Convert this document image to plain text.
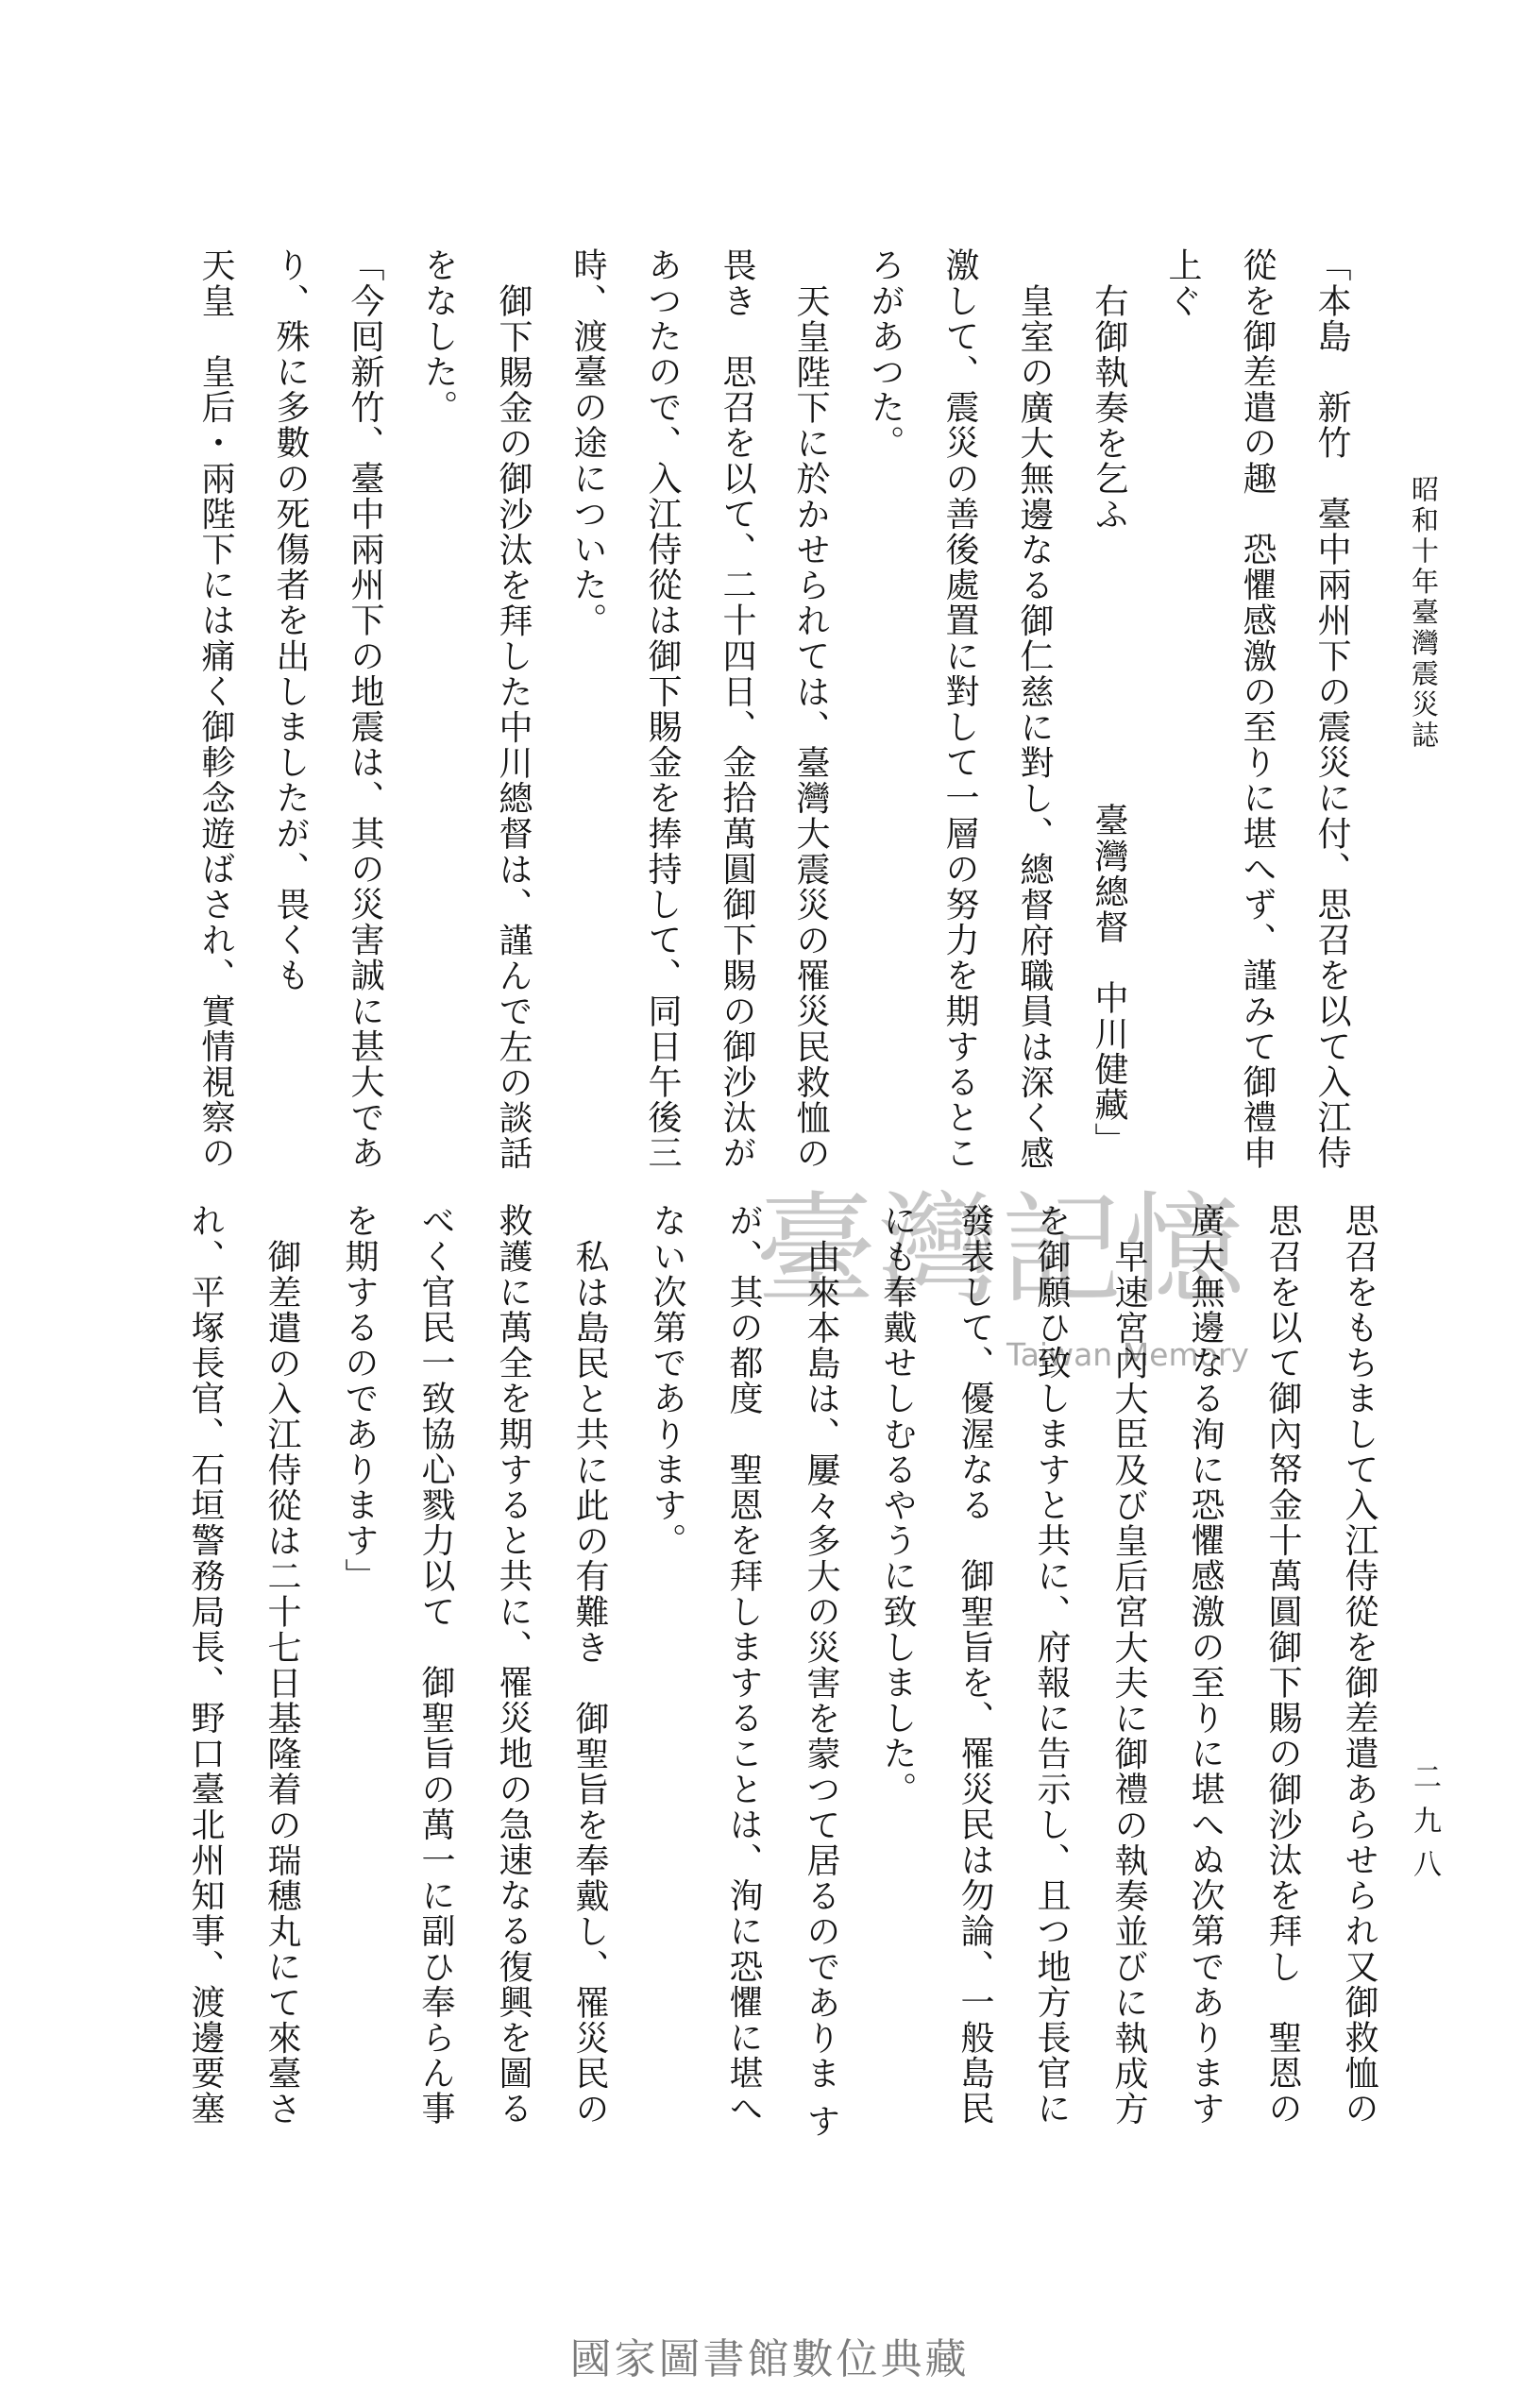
昭和十年臺灣震災誌
二九八
「本島　新竹　臺中兩州下の震災に付、思召を以て入江侍
從を御差遣の趣　恐懼感激の至りに堪へず、謹みて御禮申
上ぐ
右御執奏を乞ふ
臺灣總督　中川健藏」
皇室の廣大無邊なる御仁慈に對し、總督府職員は深く感
激して、震災の善後處置に對して一層の努力を期するとこ
ろがあつた。
天皇陛下に於かせられては、臺灣大震災の罹災民救恤の
畏き　思召を以て、二十四日、金拾萬圓御下賜の御沙汰が
あつたので、入江侍從は御下賜金を捧持して、同日午後三
時、渡臺の途についた。
御下賜金の御沙汰を拜した中川總督は、謹んで左の談話
をなした。
「今囘新竹、臺中兩州下の地震は、其の災害誠に甚大であ
り、殊に多數の死傷者を出しましたが、畏くも
天皇　皇后・兩陛下には痛く御軫念遊ばされ、實情視察の
臺灣記憶
Taiwan Memory	思召をもちまして入江侍從を御差遣あらせられ又御救恤の
思召を以て御內帑金十萬圓御下賜の御沙汰を拜し　聖恩の
廣大無邊なる洵に恐懼感激の至りに堪へぬ次第であります
早速宮內大臣及び皇后宮大夫に御禮の執奏並びに執成方
を御願ひ致しますと共に、府報に告示し、且つ地方長官に
發表して、優渥なる　御聖旨を、罹災民は勿論、一般島民
にも奉戴せしむるやうに致しました。
由來本島は、屢々多大の災害を蒙つて居るのでありま す
が、其の都度　聖恩を拜しますることは、洵に恐懼に堪へ
ない次第であります。
私は島民と共に此の有難き　御聖旨を奉戴し、罹災民の
救護に萬全を期すると共に、罹災地の急速なる復興を圖る
べく官民一致協心戮力以て　御聖旨の萬一に副ひ奉らん事
を期するのであります」
御差遣の入江侍從は二十七日基隆着の瑞穗丸にて來臺さ
れ、平塚長官、石垣警務局長、野口臺北州知事、渡邊要塞
國家圖書館數位典藏
